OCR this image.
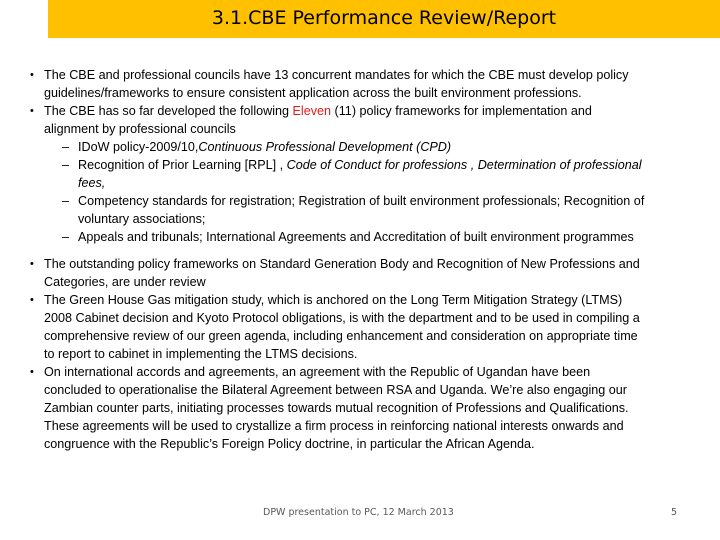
3.1.CBE Performance Review/Report
• The CBE and professional councils have 13 concurrent mandates for which the CBE must develop policy
guidelines/frameworks to ensure consistent application across the built environment professions.
• The CBE has so far developed the following Eleven (11) policy frameworks for implementation and
alignment by professional councils
– IDoW policy-2009/10,Continuous Professional Development (CPD)
– Recognition of Prior Learning [RPL] , Code of Conduct for professions , Determination of professional
fees,
– Competency standards for registration; Registration of built environment professionals; Recognition of
voluntary associations;
– Appeals and tribunals; International Agreements and Accreditation of built environment programmes
• The outstanding policy frameworks on Standard Generation Body and Recognition of New Professions and
Categories, are under review
• The Green House Gas mitigation study, which is anchored on the Long Term Mitigation Strategy (LTMS)
2008 Cabinet decision and Kyoto Protocol obligations, is with the department and to be used in compiling a
comprehensive review of our green agenda, including enhancement and consideration on appropriate time
to report to cabinet in implementing the LTMS decisions.
• On international accords and agreements, an agreement with the Republic of Ugandan have been
concluded to operationalise the Bilateral Agreement between RSA and Uganda. We’re also engaging our
Zambian counter parts, initiating processes towards mutual recognition of Professions and Qualifications.
These agreements will be used to crystallize a firm process in reinforcing national interests onwards and
congruence with the Republic’s Foreign Policy doctrine, in particular the African Agenda.
DPW presentation to PC, 12 March 2013	5
